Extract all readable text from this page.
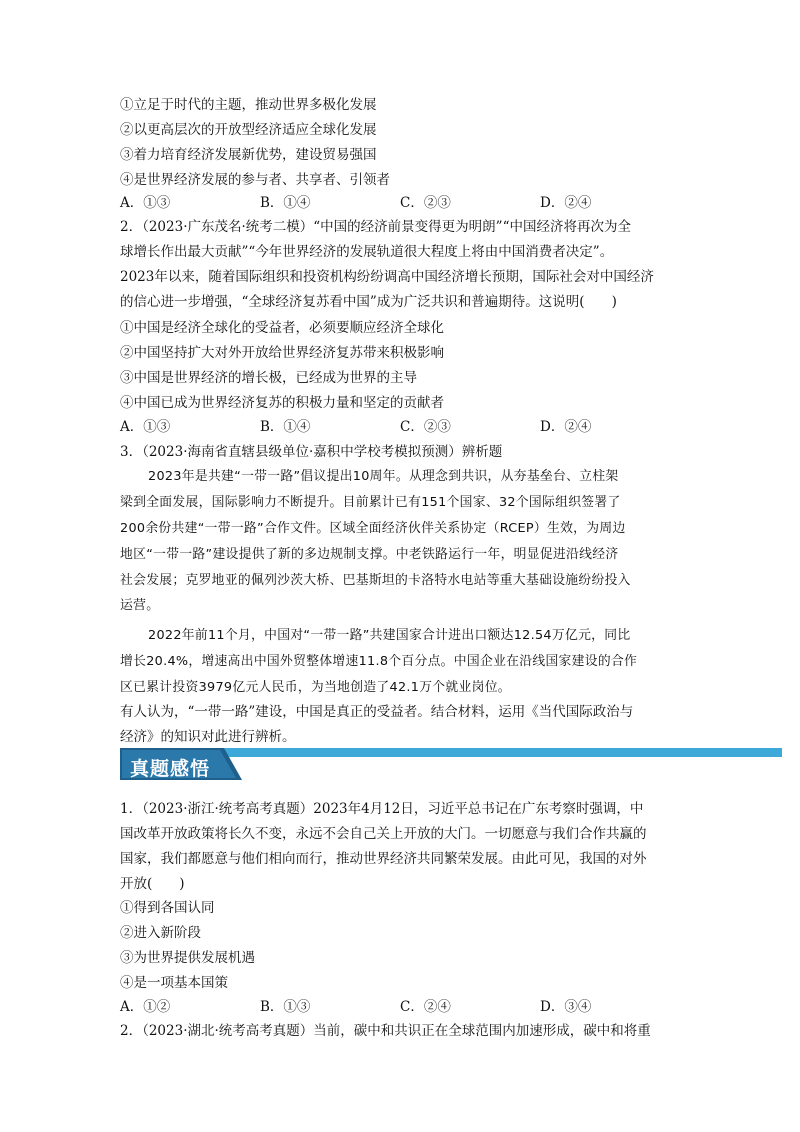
①立足于时代的主题，推动世界多极化发展
②以更高层次的开放型经济适应全球化发展
③着力培育经济发展新优势，建设贸易强国
④是世界经济发展的参与者、共享者、引领者
A．①③	B．①④	C．②③	D．②④
2．（2023·广东茂名·统考二模）“中国的经济前景变得更为明朗”“中国经济将再次为全
球增长作出最大贡献”“今年世界经济的发展轨道很大程度上将由中国消费者决定”。
2023年以来，随着国际组织和投资机构纷纷调高中国经济增长预期，国际社会对中国经济
的信心进一步增强，“全球经济复苏看中国”成为广泛共识和普遍期待。这说明(　　)
①中国是经济全球化的受益者，必须要顺应经济全球化
②中国坚持扩大对外开放给世界经济复苏带来积极影响
③中国是世界经济的增长极，已经成为世界的主导
④中国已成为世界经济复苏的积极力量和坚定的贡献者
A．①③	B．①④	C．②③	D．②④
3．（2023·海南省直辖县级单位·嘉积中学校考模拟预测）辨析题
2023年是共建“一带一路”倡议提出10周年。从理念到共识，从夯基垒台、立柱架
梁到全面发展，国际影响力不断提升。目前累计已有151个国家、32个国际组织签署了
200余份共建“一带一路”合作文件。区域全面经济伙伴关系协定（RCEP）生效，为周边
地区“一带一路”建设提供了新的多边规制支撑。中老铁路运行一年，明显促进沿线经济
社会发展；克罗地亚的佩列沙茨大桥、巴基斯坦的卡洛特水电站等重大基础设施纷纷投入
运营。
2022年前11个月，中国对“一带一路”共建国家合计进出口额达12.54万亿元，同比
增长20.4%，增速高出中国外贸整体增速11.8个百分点。中国企业在沿线国家建设的合作
区已累计投资3979亿元人民币，为当地创造了42.1万个就业岗位。
有人认为，“一带一路”建设，中国是真正的受益者。结合材料，运用《当代国际政治与
经济》的知识对此进行辨析。
真题感悟
1．（2023·浙江·统考高考真题）2023年4月12日，习近平总书记在广东考察时强调，中
国改革开放政策将长久不变，永远不会自己关上开放的大门。一切愿意与我们合作共赢的
国家，我们都愿意与他们相向而行，推动世界经济共同繁荣发展。由此可见，我国的对外
开放(　　)
①得到各国认同
②进入新阶段
③为世界提供发展机遇
④是一项基本国策
A．①②	B．①③	C．②④	D．③④
2．（2023·湖北·统考高考真题）当前，碳中和共识正在全球范围内加速形成，碳中和将重
